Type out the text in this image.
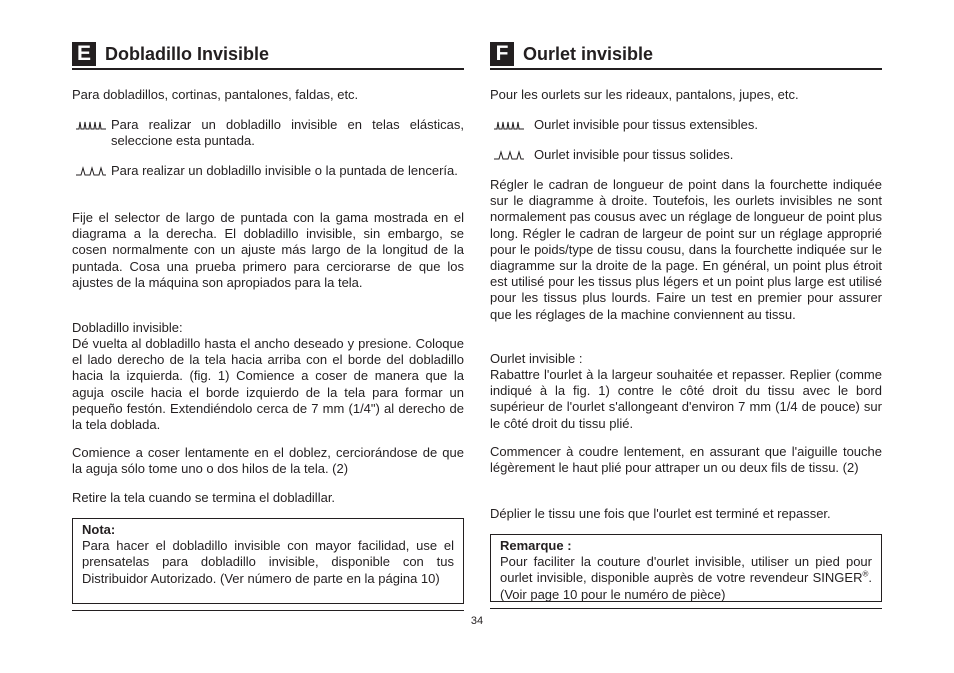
E Dobladillo Invisible

Para dobladillos, cortinas, pantalones, faldas, etc.

Para realizar un dobladillo invisible en telas elásticas, seleccione esta puntada.
Para realizar un dobladillo invisible o la puntada de lencería.

Fije el selector de largo de puntada con la gama mostrada en el diagrama a la derecha. El dobladillo invisible, sin embargo, se cosen normalmente con un ajuste más largo de la longitud de la puntada. Cosa una prueba primero para cerciorarse de que los ajustes de la máquina son apropiados para la tela.

Dobladillo invisible:

Dé vuelta al dobladillo hasta el ancho deseado y presione. Coloque el lado derecho de la tela hacia arriba con el borde del dobladillo hacia la izquierda. (fig. 1) Comience a coser de manera que la aguja oscile hacia el borde izquierdo de la tela para formar un pequeño festón. Extendiéndolo cerca de 7 mm (1/4") al derecho de la tela doblada.

Comience a coser lentamente en el doblez, cerciorándose de que la aguja sólo tome uno o dos hilos de la tela. (2)

Retire la tela cuando se termina el dobladillar.

Nota:
Para hacer el dobladillo invisible con mayor facilidad, use el prensatelas para dobladillo invisible, disponible con tus Distribuidor Autorizado. (Ver número de parte en la página 10)
F Ourlet invisible

Pour les ourlets sur les rideaux, pantalons, jupes, etc.

Ourlet invisible pour tissus extensibles.
Ourlet invisible pour tissus solides.

Régler le cadran de longueur de point dans la fourchette indiquée sur le diagramme à droite. Toutefois, les ourlets invisibles ne sont normalement pas cousus avec un réglage de longueur de point plus long. Régler le cadran de largeur de point sur un réglage approprié pour le poids/type de tissu cousu, dans la fourchette indiquée sur le diagramme sur la droite de la page. En général, un point plus étroit est utilisé pour les tissus plus légers et un point plus large est utilisé pour les tissus plus lourds. Faire un test en premier pour assurer que les réglages de la machine conviennent au tissu.

Ourlet invisible :

Rabattre l'ourlet à la largeur souhaitée et repasser. Replier (comme indiqué à la fig. 1) contre le côté droit du tissu avec le bord supérieur de l'ourlet s'allongeant d'environ 7 mm (1/4 de pouce) sur le côté droit du tissu plié.

Commencer à coudre lentement, en assurant que l'aiguille touche légèrement le haut plié pour attraper un ou deux fils de tissu. (2)

Déplier le tissu une fois que l'ourlet est terminé et repasser.

Remarque :
Pour faciliter la couture d'ourlet invisible, utiliser un pied pour ourlet invisible, disponible auprès de votre revendeur SINGER®. (Voir page 10 pour le numéro de pièce)
34
